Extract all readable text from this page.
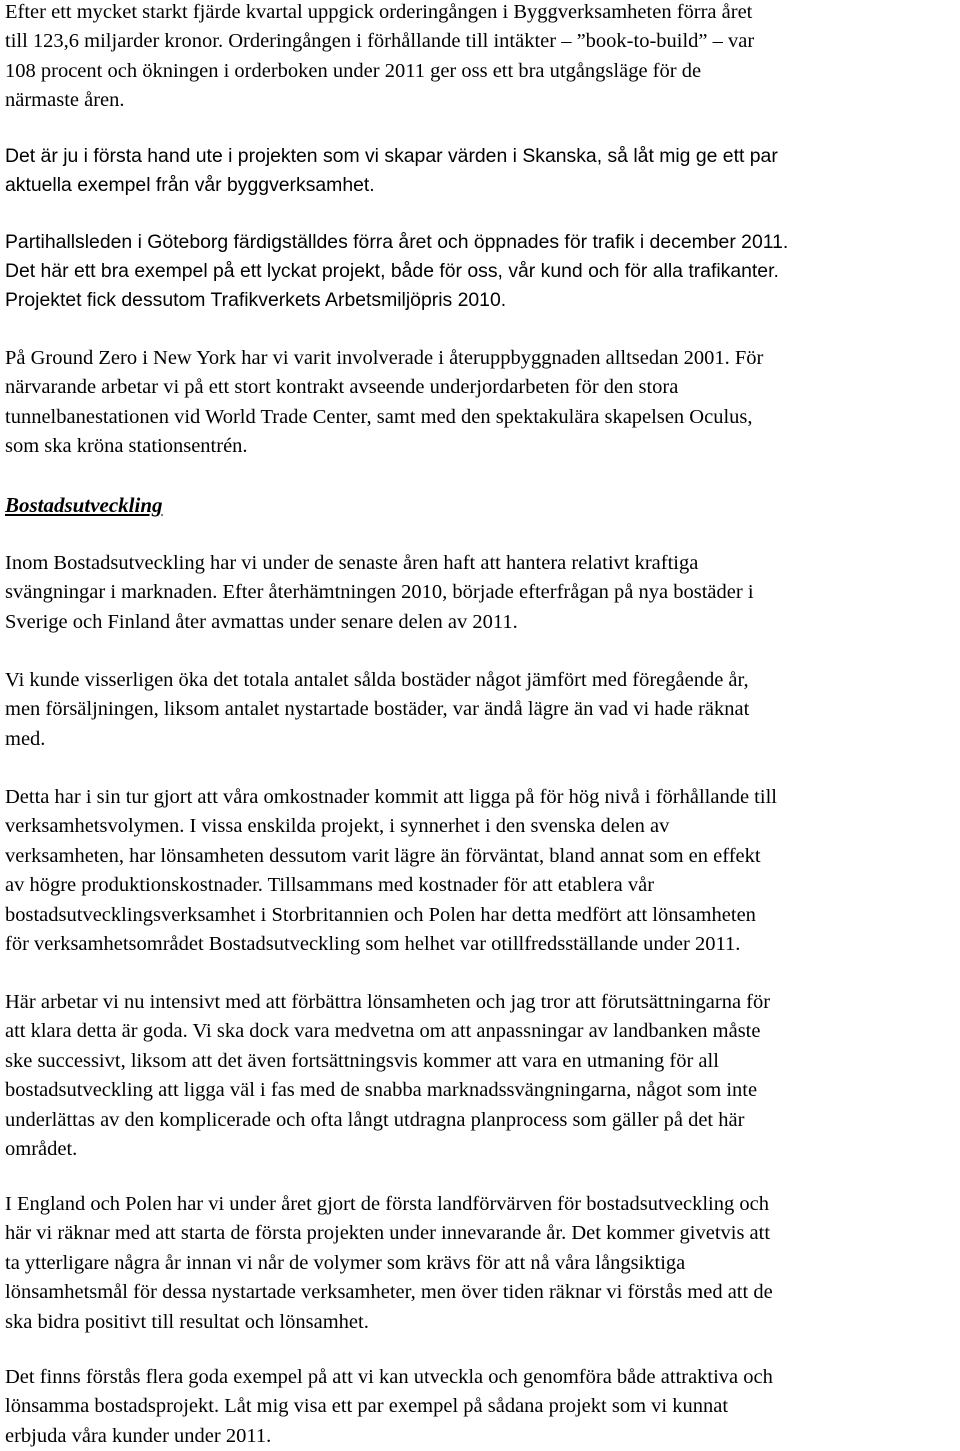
Efter ett mycket starkt fjärde kvartal uppgick orderingången i Byggverksamheten förra året
till 123,6 miljarder kronor. Orderingången i förhållande till intäkter – ”book-to-build” – var
108 procent och ökningen i orderboken under 2011 ger oss ett bra utgångsläge för de
närmaste åren.
Det är ju i första hand ute i projekten som vi skapar värden i Skanska, så låt mig ge ett par
aktuella exempel från vår byggverksamhet.
Partihallsleden i Göteborg färdigställdes förra året och öppnades för trafik i december 2011.
Det här ett bra exempel på ett lyckat projekt, både för oss, vår kund och för alla trafikanter.
Projektet fick dessutom Trafikverkets Arbetsmiljöpris 2010.
På Ground Zero i New York har vi varit involverade i återuppbyggnaden alltsedan 2001. För
närvarande arbetar vi på ett stort kontrakt avseende underjordarbeten för den stora
tunnelbanestationen vid World Trade Center, samt med den spektakulära skapelsen Oculus,
som ska kröna stationsentrén.
Bostadsutveckling
Inom Bostadsutveckling har vi under de senaste åren haft att hantera relativt kraftiga
svängningar i marknaden. Efter återhämtningen 2010, började efterfrågan på nya bostäder i
Sverige och Finland åter avmattas under senare delen av 2011.
Vi kunde visserligen öka det totala antalet sålda bostäder något jämfört med föregående år,
men försäljningen, liksom antalet nystartade bostäder, var ändå lägre än vad vi hade räknat
med.
Detta har i sin tur gjort att våra omkostnader kommit att ligga på för hög nivå i förhållande till
verksamhetsvolymen. I vissa enskilda projekt, i synnerhet i den svenska delen av
verksamheten, har lönsamheten dessutom varit lägre än förväntat, bland annat som en effekt
av högre produktionskostnader. Tillsammans med kostnader för att etablera vår
bostadsutvecklingsverksamhet i Storbritannien och Polen har detta medfört att lönsamheten
för verksamhetsområdet Bostadsutveckling som helhet var otillfredsställande under 2011.
Här arbetar vi nu intensivt med att förbättra lönsamheten och jag tror att förutsättningarna för
att klara detta är goda. Vi ska dock vara medvetna om att anpassningar av landbanken måste
ske successivt, liksom att det även fortsättningsvis kommer att vara en utmaning för all
bostadsutveckling att ligga väl i fas med de snabba marknadssvängningarna, något som inte
underlättas av den komplicerade och ofta långt utdragna planprocess som gäller på det här
området.
I England och Polen har vi under året gjort de första landförvärven för bostadsutveckling och
här vi räknar med att starta de första projekten under innevarande år. Det kommer givetvis att
ta ytterligare några år innan vi når de volymer som krävs för att nå våra långsiktiga
lönsamhetsmål för dessa nystartade verksamheter, men över tiden räknar vi förstås med att de
ska bidra positivt till resultat och lönsamhet.
Det finns förstås flera goda exempel på att vi kan utveckla och genomföra både attraktiva och
lönsamma bostadsprojekt. Låt mig visa ett par exempel på sådana projekt som vi kunnat
erbjuda våra kunder under 2011.
